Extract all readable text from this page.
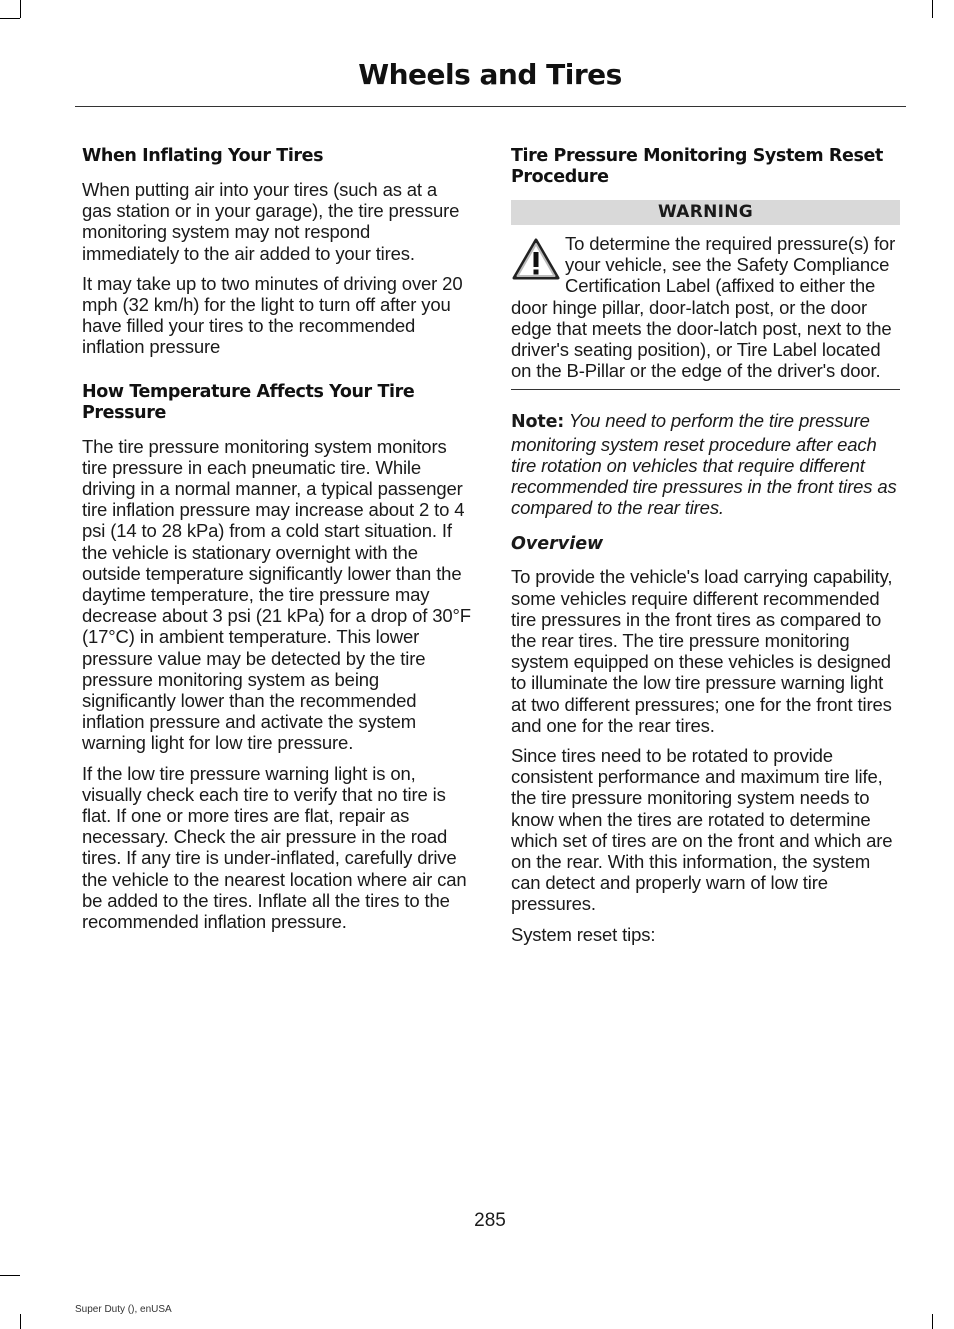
Wheels and Tires
When Inflating Your Tires

When putting air into your tires (such as at a gas station or in your garage), the tire pressure monitoring system may not respond immediately to the air added to your tires.

It may take up to two minutes of driving over 20 mph (32 km/h) for the light to turn off after you have filled your tires to the recommended inflation pressure

How Temperature Affects Your Tire Pressure

The tire pressure monitoring system monitors tire pressure in each pneumatic tire. While driving in a normal manner, a typical passenger tire inflation pressure may increase about 2 to 4 psi (14 to 28 kPa) from a cold start situation. If the vehicle is stationary overnight with the outside temperature significantly lower than the daytime temperature, the tire pressure may decrease about 3 psi (21 kPa) for a drop of 30°F (17°C) in ambient temperature. This lower pressure value may be detected by the tire pressure monitoring system as being significantly lower than the recommended inflation pressure and activate the system warning light for low tire pressure.

If the low tire pressure warning light is on, visually check each tire to verify that no tire is flat. If one or more tires are flat, repair as necessary. Check the air pressure in the road tires. If any tire is under-inflated, carefully drive the vehicle to the nearest location where air can be added to the tires. Inflate all the tires to the recommended inflation pressure.

Tire Pressure Monitoring System Reset Procedure
WARNING

To determine the required pressure(s) for your vehicle, see the Safety Compliance Certification Label (affixed to either the door hinge pillar, door-latch post, or the door edge that meets the door-latch post, next to the driver's seating position), or Tire Label located on the B-Pillar or the edge of the driver's door.

Note: You need to perform the tire pressure monitoring system reset procedure after each tire rotation on vehicles that require different recommended tire pressures in the front tires as compared to the rear tires.

Overview

To provide the vehicle's load carrying capability, some vehicles require different recommended tire pressures in the front tires as compared to the rear tires. The tire pressure monitoring system equipped on these vehicles is designed to illuminate the low tire pressure warning light at two different pressures; one for the front tires and one for the rear tires.

Since tires need to be rotated to provide consistent performance and maximum tire life, the tire pressure monitoring system needs to know when the tires are rotated to determine which set of tires are on the front and which are on the rear. With this information, the system can detect and properly warn of low tire pressures.

System reset tips:

285
Super Duty (), enUSA
